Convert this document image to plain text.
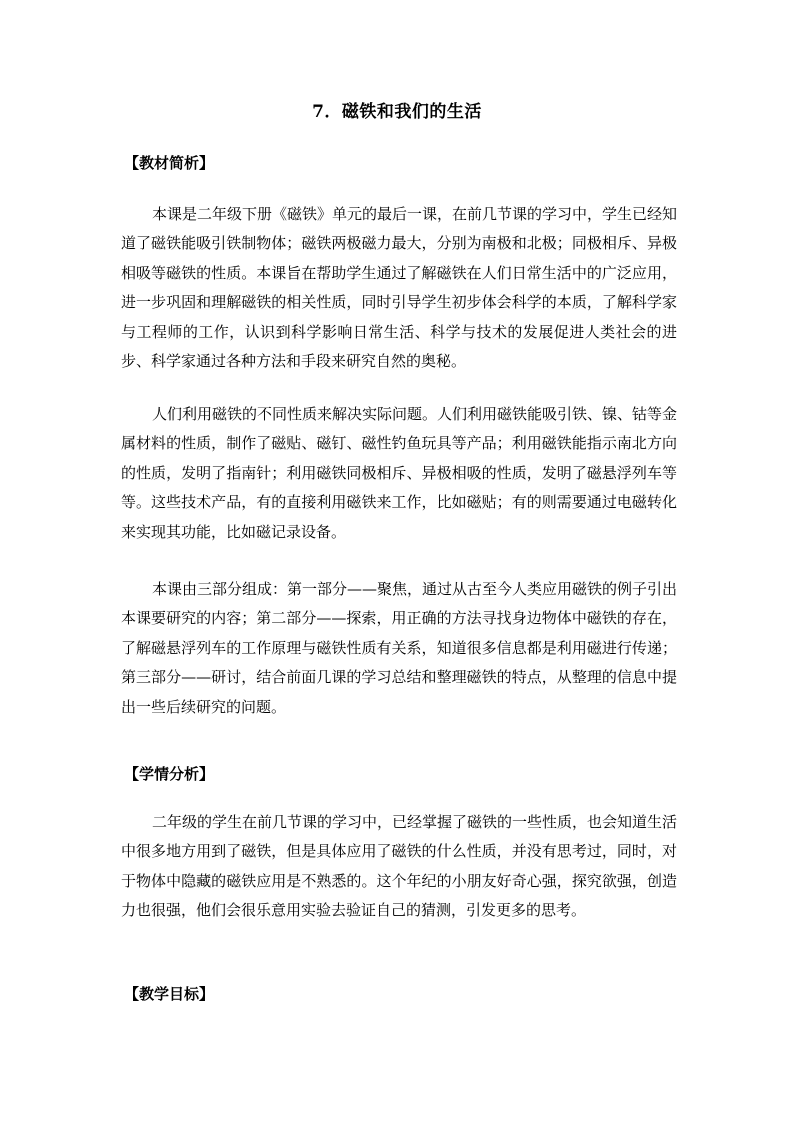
7．磁铁和我们的生活
【教材简析】

本课是二年级下册《磁铁》单元的最后一课，在前几节课的学习中，学生已经知道了磁铁能吸引铁制物体；磁铁两极磁力最大，分别为南极和北极；同极相斥、异极相吸等磁铁的性质。本课旨在帮助学生通过了解磁铁在人们日常生活中的广泛应用，进一步巩固和理解磁铁的相关性质，同时引导学生初步体会科学的本质，了解科学家与工程师的工作，认识到科学影响日常生活、科学与技术的发展促进人类社会的进步、科学家通过各种方法和手段来研究自然的奥秘。

人们利用磁铁的不同性质来解决实际问题。人们利用磁铁能吸引铁、镍、钴等金属材料的性质，制作了磁贴、磁钉、磁性钓鱼玩具等产品；利用磁铁能指示南北方向的性质，发明了指南针；利用磁铁同极相斥、异极相吸的性质，发明了磁悬浮列车等等。这些技术产品，有的直接利用磁铁来工作，比如磁贴；有的则需要通过电磁转化来实现其功能，比如磁记录设备。

本课由三部分组成：第一部分——聚焦，通过从古至今人类应用磁铁的例子引出本课要研究的内容；第二部分——探索，用正确的方法寻找身边物体中磁铁的存在，了解磁悬浮列车的工作原理与磁铁性质有关系，知道很多信息都是利用磁进行传递；第三部分——研讨，结合前面几课的学习总结和整理磁铁的特点，从整理的信息中提出一些后续研究的问题。

【学情分析】

二年级的学生在前几节课的学习中，已经掌握了磁铁的一些性质，也会知道生活中很多地方用到了磁铁，但是具体应用了磁铁的什么性质，并没有思考过，同时，对于物体中隐藏的磁铁应用是不熟悉的。这个年纪的小朋友好奇心强，探究欲强，创造力也很强，他们会很乐意用实验去验证自己的猜测，引发更多的思考。

【教学目标】
